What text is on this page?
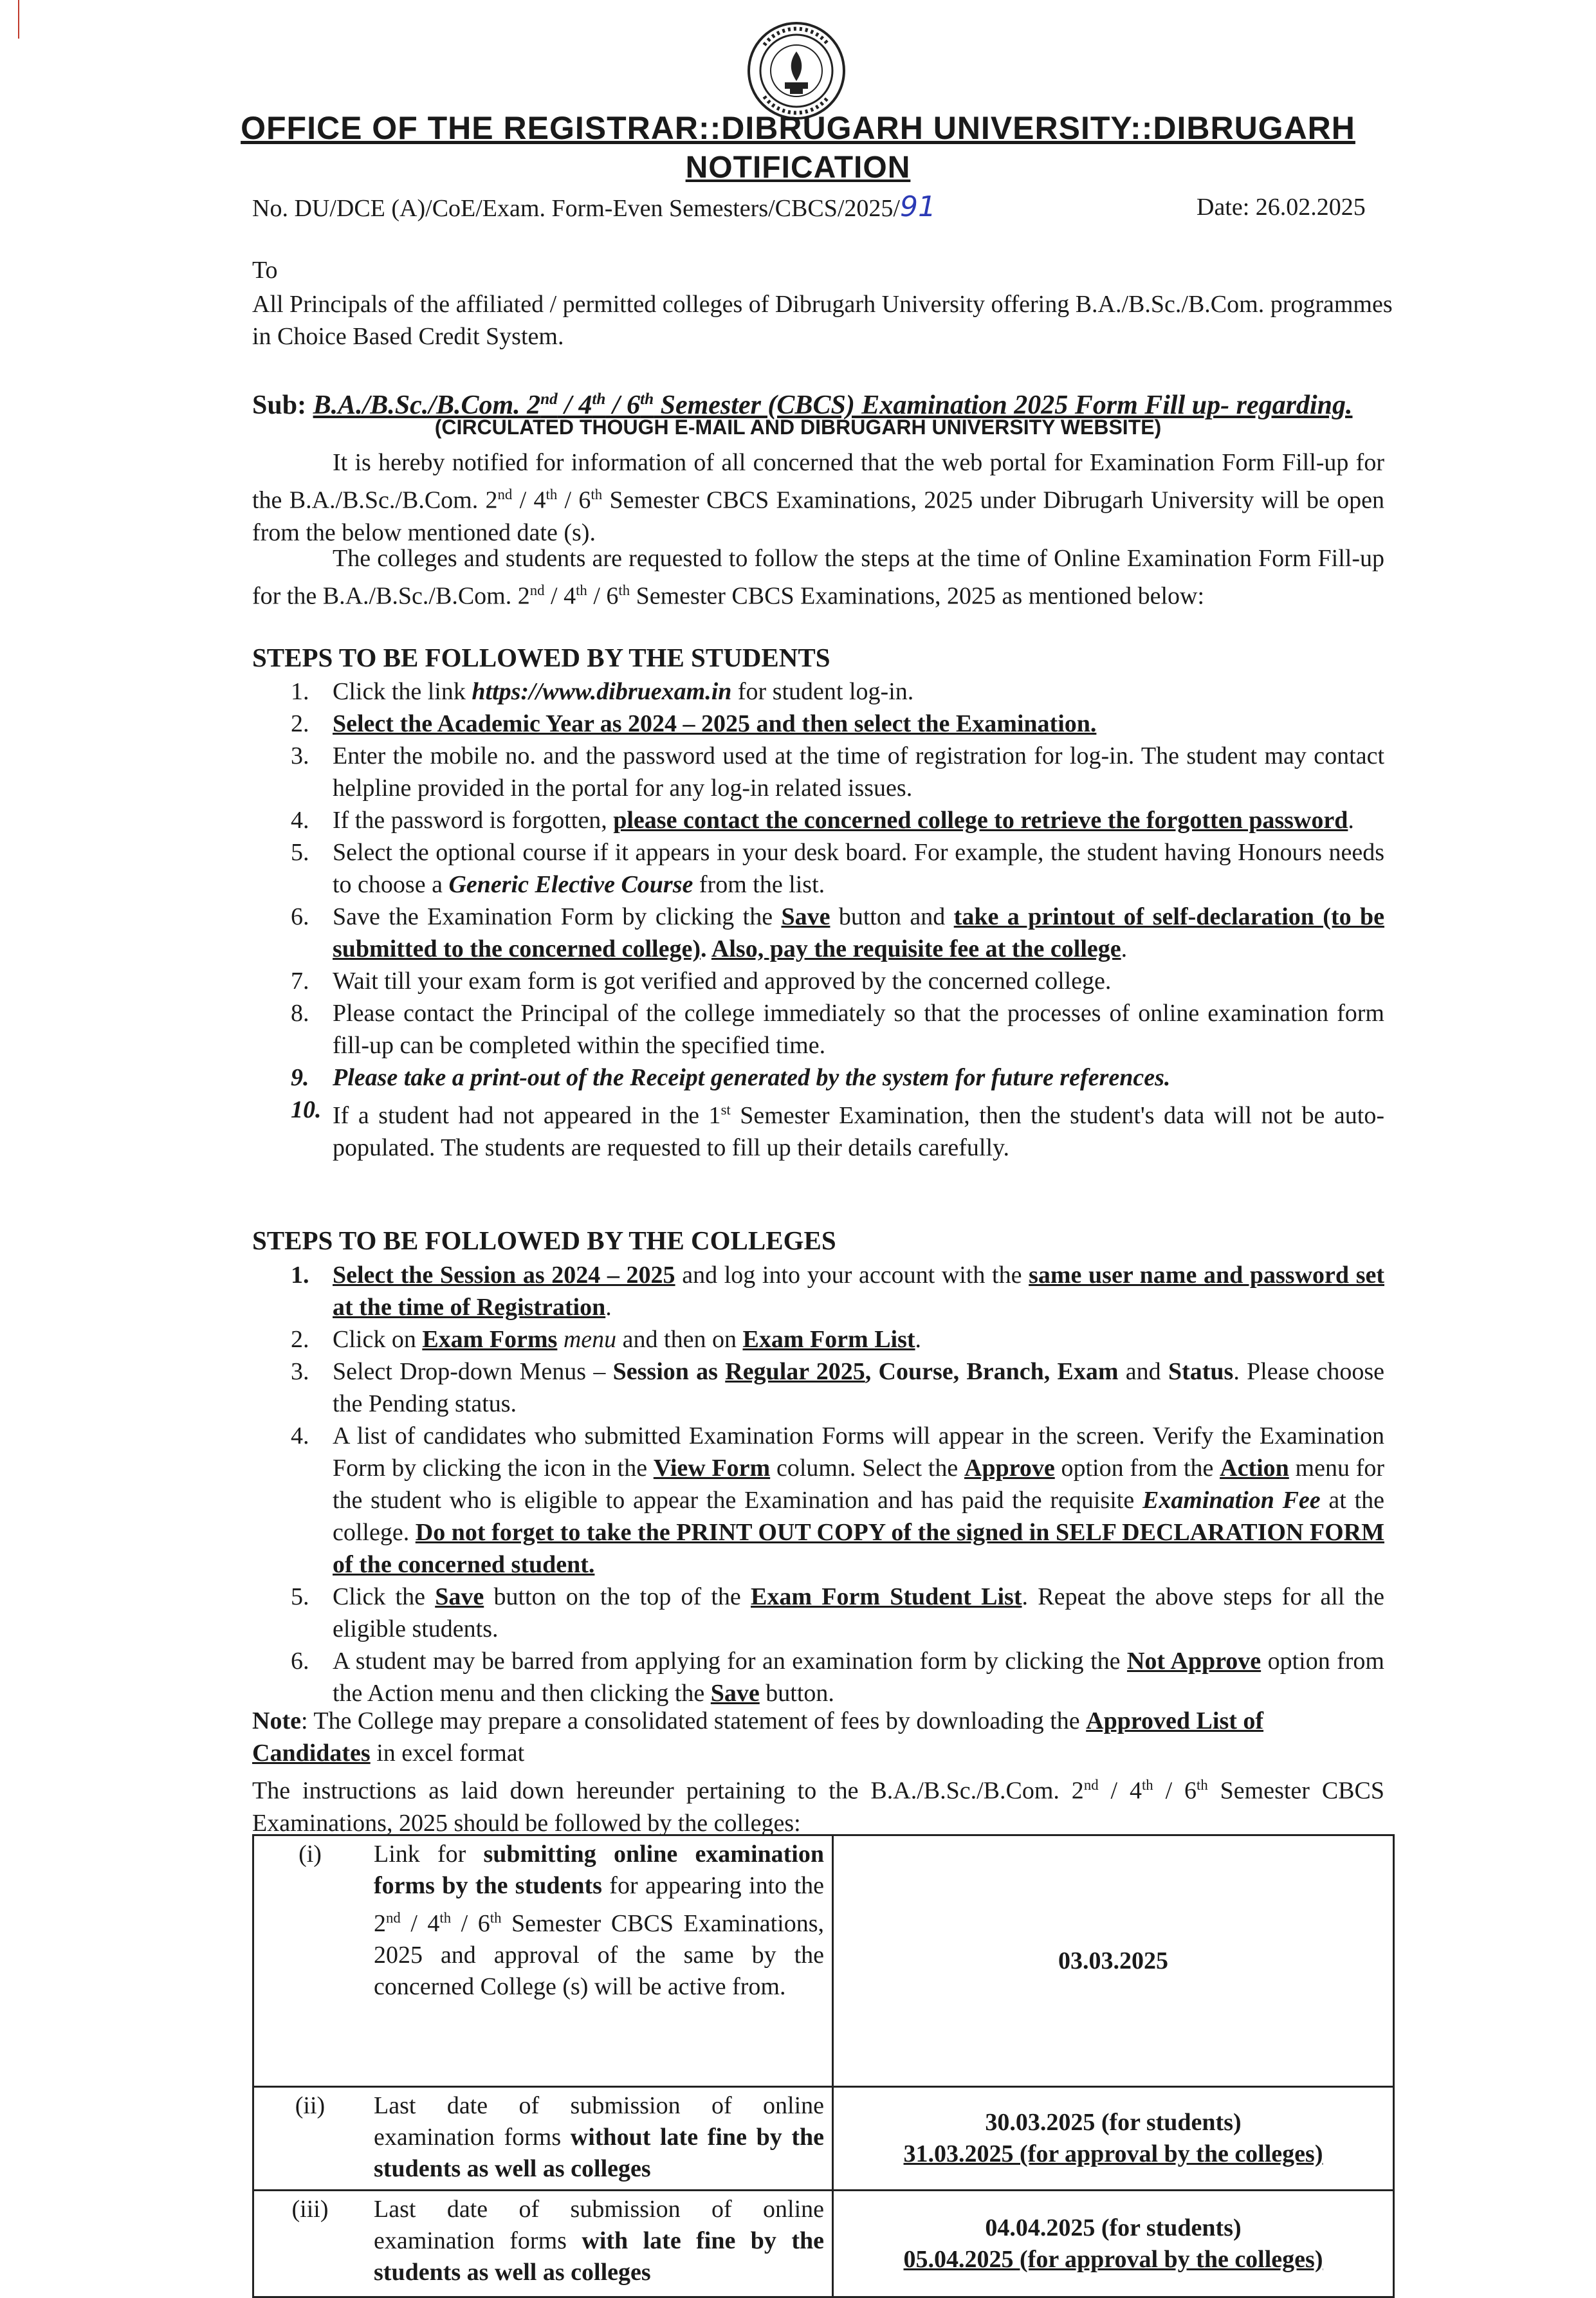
OFFICE OF THE REGISTRAR::DIBRUGARH UNIVERSITY::DIBRUGARH
NOTIFICATION
No. DU/DCE (A)/CoE/Exam. Form-Even Semesters/CBCS/2025/91	Date: 26.02.2025
To
All Principals of the affiliated / permitted colleges of Dibrugarh University offering B.A./B.Sc./B.Com. programmes in Choice Based Credit System.
Sub: B.A./B.Sc./B.Com. 2nd / 4th / 6th Semester (CBCS) Examination 2025 Form Fill up- regarding.
(CIRCULATED THOUGH E-MAIL AND DIBRUGARH UNIVERSITY WEBSITE)
It is hereby notified for information of all concerned that the web portal for Examination Form Fill-up for the B.A./B.Sc./B.Com. 2nd / 4th / 6th Semester CBCS Examinations, 2025 under Dibrugarh University will be open from the below mentioned date (s).
The colleges and students are requested to follow the steps at the time of Online Examination Form Fill-up for the B.A./B.Sc./B.Com. 2nd / 4th / 6th Semester CBCS Examinations, 2025 as mentioned below:
STEPS TO BE FOLLOWED BY THE STUDENTS
1. Click the link https://www.dibruexam.in for student log-in.
2. Select the Academic Year as 2024 – 2025 and then select the Examination.
3. Enter the mobile no. and the password used at the time of registration for log-in. The student may contact helpline provided in the portal for any log-in related issues.
4. If the password is forgotten, please contact the concerned college to retrieve the forgotten password.
5. Select the optional course if it appears in your desk board. For example, the student having Honours needs to choose a Generic Elective Course from the list.
6. Save the Examination Form by clicking the Save button and take a printout of self-declaration (to be submitted to the concerned college). Also, pay the requisite fee at the college.
7. Wait till your exam form is got verified and approved by the concerned college.
8. Please contact the Principal of the college immediately so that the processes of online examination form fill-up can be completed within the specified time.
9. Please take a print-out of the Receipt generated by the system for future references.
10. If a student had not appeared in the 1st Semester Examination, then the student's data will not be auto-populated. The students are requested to fill up their details carefully.
STEPS TO BE FOLLOWED BY THE COLLEGES
1. Select the Session as 2024 – 2025 and log into your account with the same user name and password set at the time of Registration.
2. Click on Exam Forms menu and then on Exam Form List.
3. Select Drop-down Menus – Session as Regular 2025, Course, Branch, Exam and Status. Please choose the Pending status.
4. A list of candidates who submitted Examination Forms will appear in the screen. Verify the Examination Form by clicking the icon in the View Form column. Select the Approve option from the Action menu for the student who is eligible to appear the Examination and has paid the requisite Examination Fee at the college. Do not forget to take the PRINT OUT COPY of the signed in SELF DECLARATION FORM of the concerned student.
5. Click the Save button on the top of the Exam Form Student List. Repeat the above steps for all the eligible students.
6. A student may be barred from applying for an examination form by clicking the Not Approve option from the Action menu and then clicking the Save button.
Note: The College may prepare a consolidated statement of fees by downloading the Approved List of Candidates in excel format
The instructions as laid down hereunder pertaining to the B.A./B.Sc./B.Com. 2nd / 4th / 6th Semester CBCS Examinations, 2025 should be followed by the colleges:
(i)	Link for submitting online examination forms by the students for appearing into the 2nd / 4th / 6th Semester CBCS Examinations, 2025 and approval of the same by the concerned College (s) will be active from.	03.03.2025

(ii)	Last date of submission of online examination forms without late fine by the students as well as colleges	30.03.2025 (for students)
31.03.2025 (for approval by the colleges)

(iii)	Last date of submission of online examination forms with late fine by the students as well as colleges	04.04.2025 (for students)
05.04.2025 (for approval by the colleges)
